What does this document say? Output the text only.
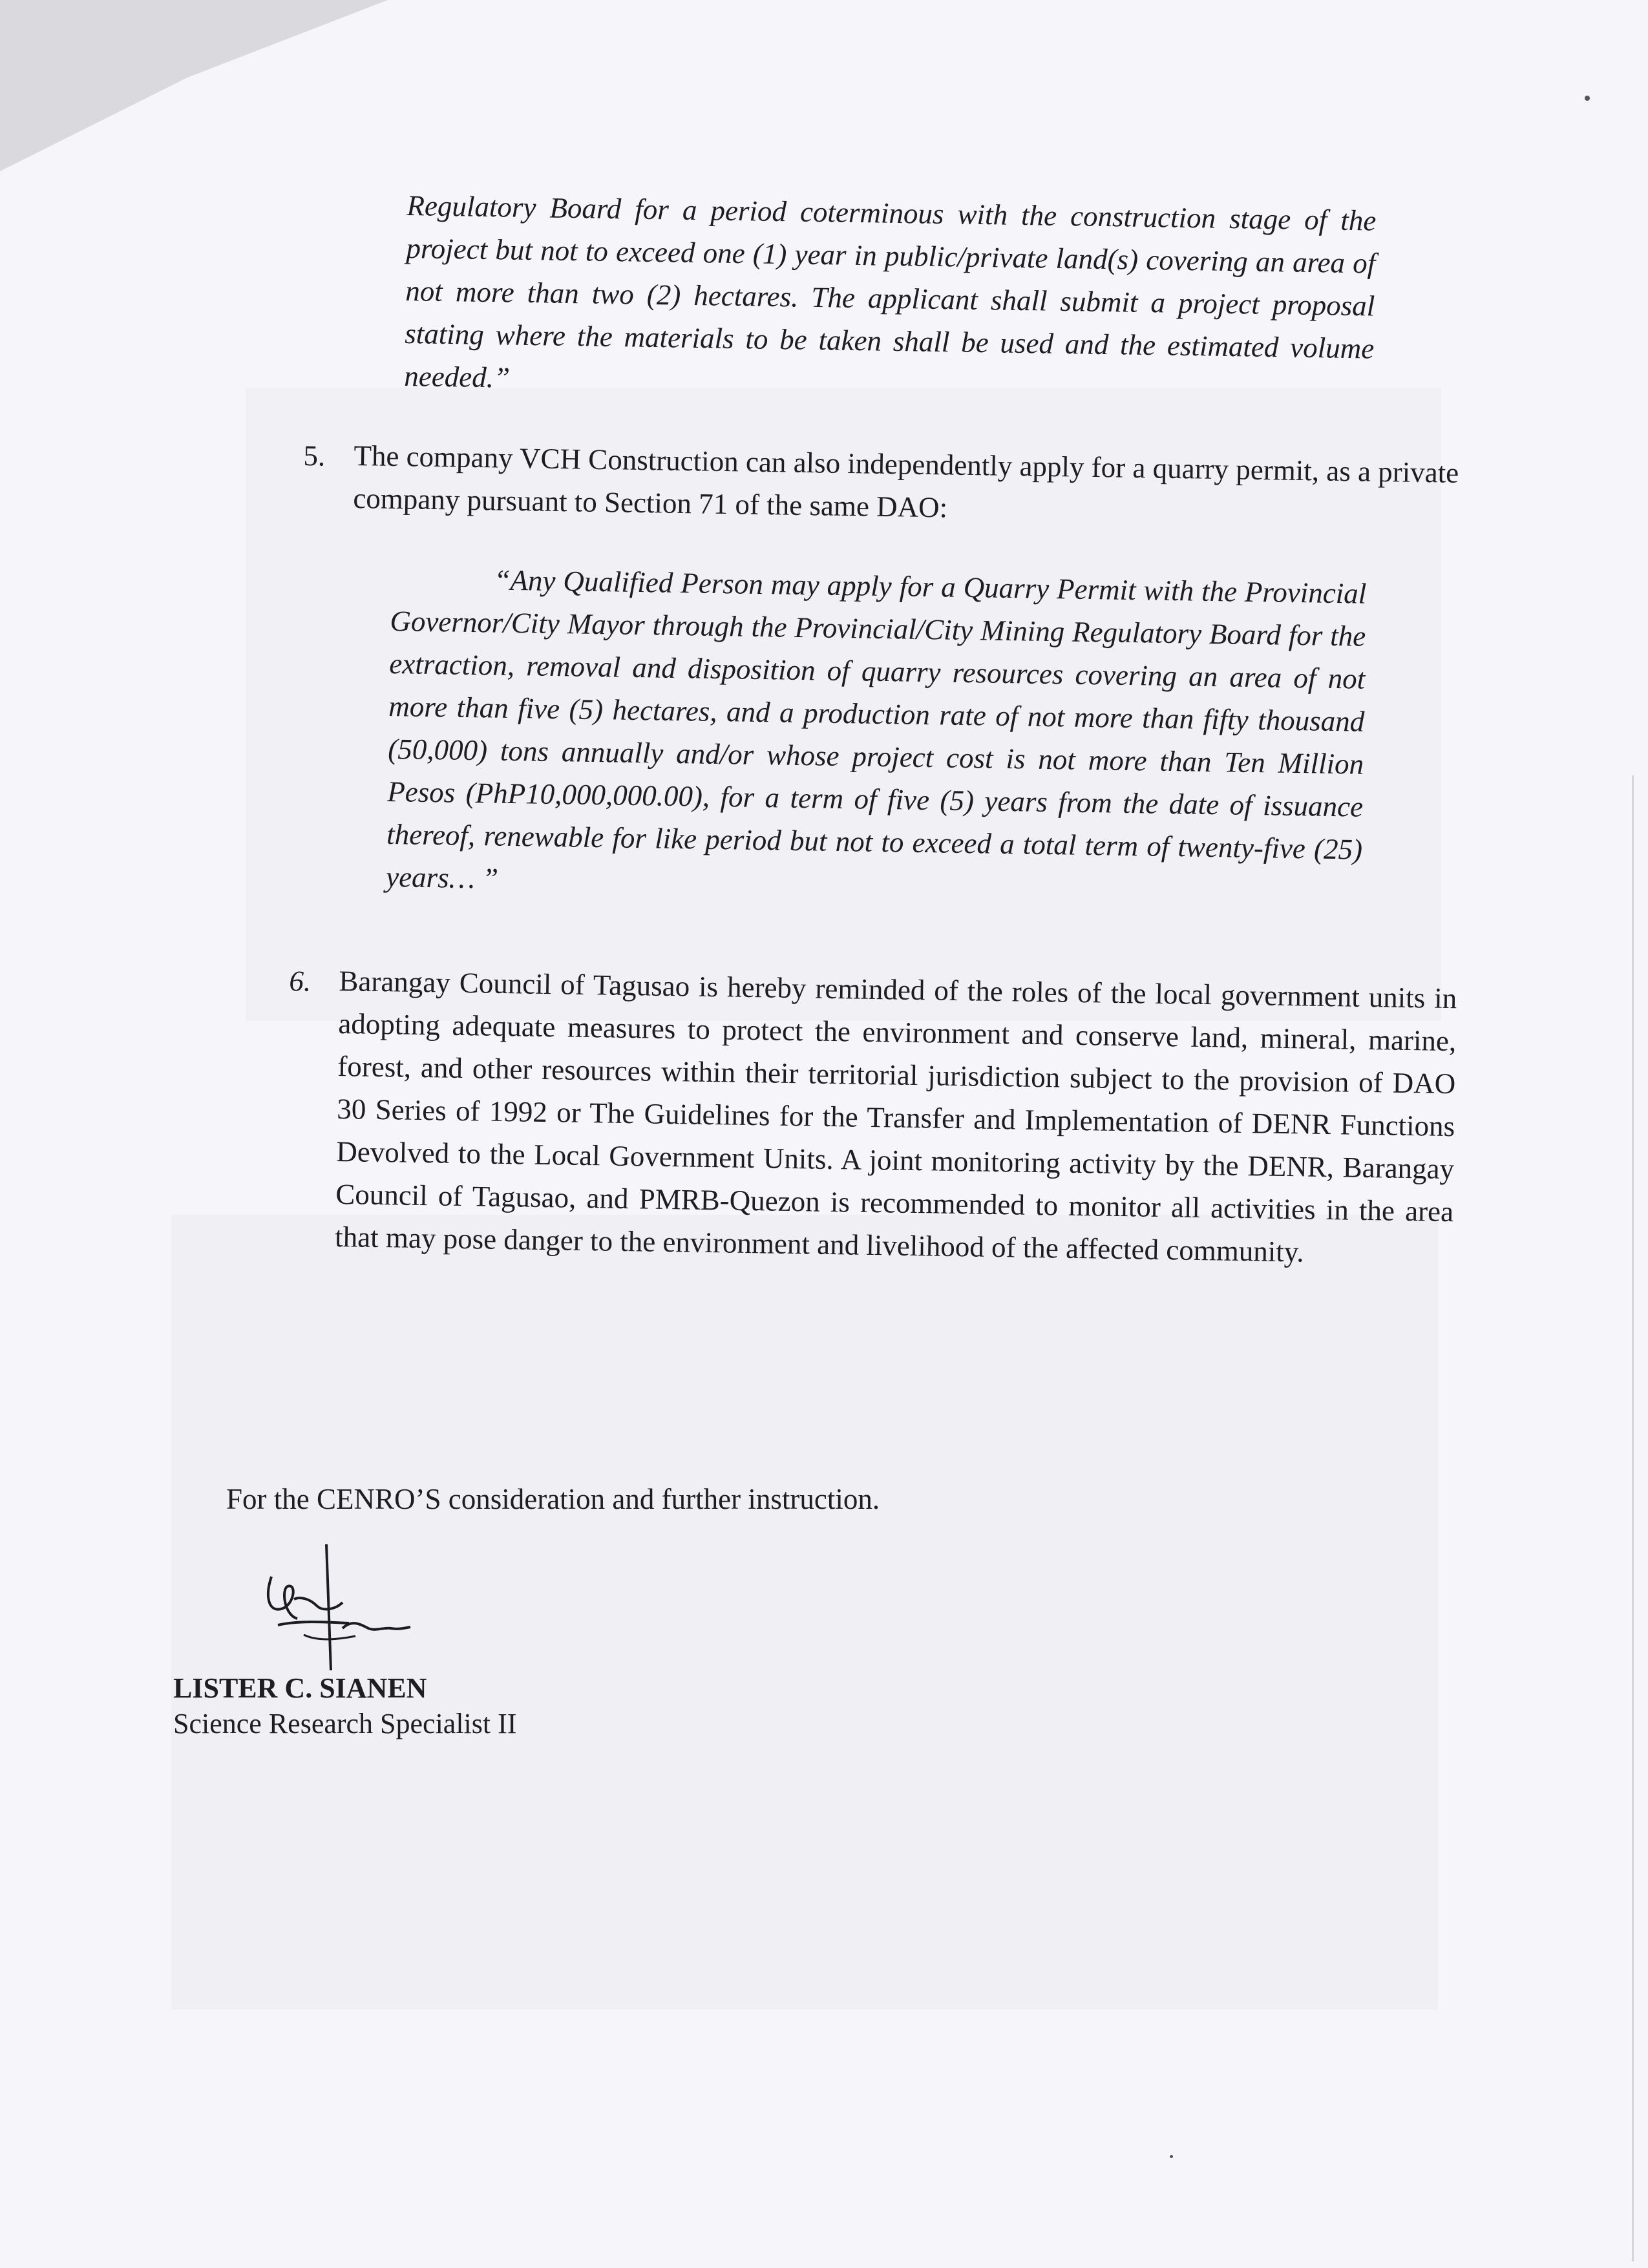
Regulatory Board for a period coterminous with the construction stage of the project but not to exceed one (1) year in public/private land(s) covering an area of not more than two (2) hectares. The applicant shall submit a project proposal stating where the materials to be taken shall be used and the estimated volume needed.”
5. The company VCH Construction can also independently apply for a quarry permit, as a private company pursuant to Section 71 of the same DAO:
“Any Qualified Person may apply for a Quarry Permit with the Provincial Governor/City Mayor through the Provincial/City Mining Regulatory Board for the extraction, removal and disposition of quarry resources covering an area of not more than five (5) hectares, and a production rate of not more than fifty thousand (50,000) tons annually and/or whose project cost is not more than Ten Million Pesos (PhP10,000,000.00), for a term of five (5) years from the date of issuance thereof, renewable for like period but not to exceed a total term of twenty-five (25) years… ”
6. Barangay Council of Tagusao is hereby reminded of the roles of the local government units in adopting adequate measures to protect the environment and conserve land, mineral, marine, forest, and other resources within their territorial jurisdiction subject to the provision of DAO 30 Series of 1992 or The Guidelines for the Transfer and Implementation of DENR Functions Devolved to the Local Government Units. A joint monitoring activity by the DENR, Barangay Council of Tagusao, and PMRB-Quezon is recommended to monitor all activities in the area that may pose danger to the environment and livelihood of the affected community.
For the CENRO’S consideration and further instruction.
LISTER C. SIANEN
Science Research Specialist II
